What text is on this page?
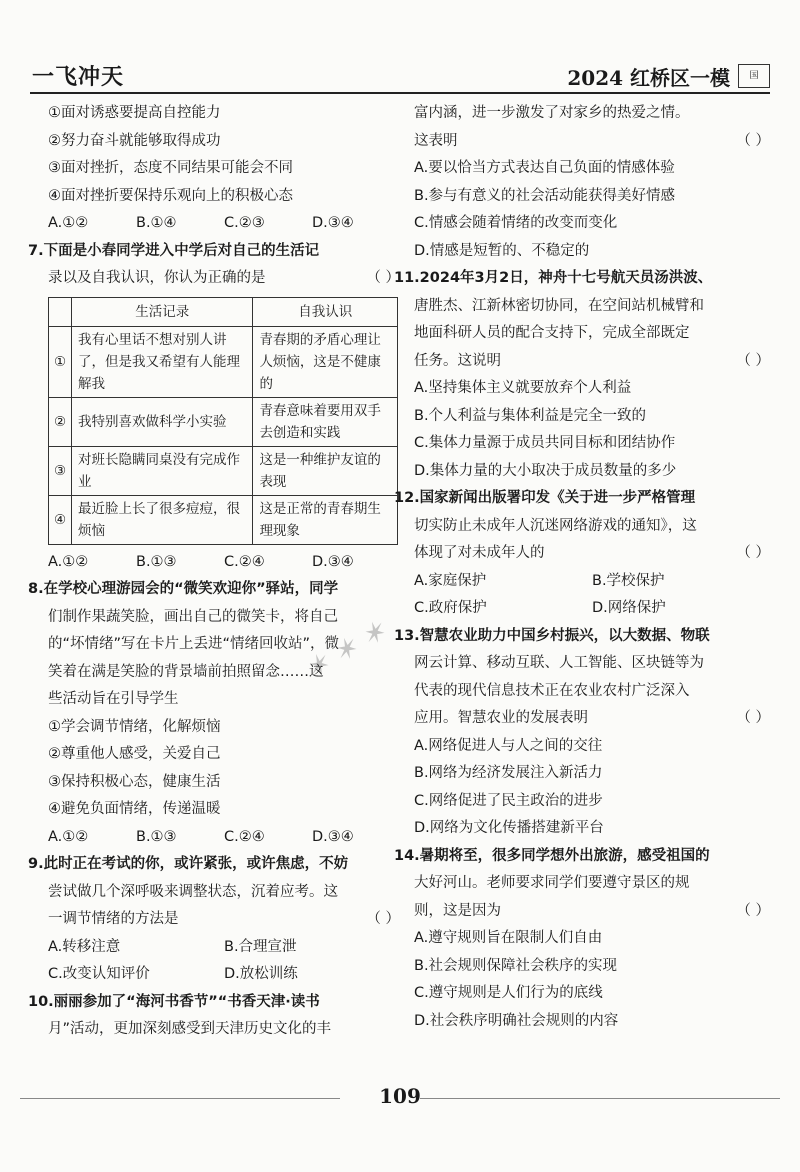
一飞冲天	2024 红桥区一模	国
✶ ✶ ✶
①面对诱惑要提高自控能力
②努力奋斗就能够取得成功
③面对挫折，态度不同结果可能会不同
④面对挫折要保持乐观向上的积极心态
A.①②	B.①④	C.②③	D.③④
7.下面是小春同学进入中学后对自己的生活记
录以及自我认识，你认为正确的是	（ ）
	生活记录	自我认识
①	我有心里话不想对别人讲了，但是我又希望有人能理解我	青春期的矛盾心理让人烦恼，这是不健康的
②	我特别喜欢做科学小实验	青春意味着要用双手去创造和实践
③	对班长隐瞒同桌没有完成作业	这是一种维护友谊的表现
④	最近脸上长了很多痘痘，很烦恼	这是正常的青春期生理现象
A.①②	B.①③	C.②④	D.③④
8.在学校心理游园会的“微笑欢迎你”驿站，同学
们制作果蔬笑脸，画出自己的微笑卡，将自己
的“坏情绪”写在卡片上丢进“情绪回收站”，微
笑着在满是笑脸的背景墙前拍照留念……这
些活动旨在引导学生
①学会调节情绪，化解烦恼
②尊重他人感受，关爱自己
③保持积极心态，健康生活
④避免负面情绪，传递温暖
A.①②	B.①③	C.②④	D.③④
9.此时正在考试的你，或许紧张，或许焦虑，不妨
尝试做几个深呼吸来调整状态，沉着应考。这
一调节情绪的方法是	（ ）
A.转移注意	B.合理宣泄
C.改变认知评价	D.放松训练
10.丽丽参加了“海河书香节”“书香天津·读书
月”活动，更加深刻感受到天津历史文化的丰
富内涵，进一步激发了对家乡的热爱之情。
这表明	（ ）
A.要以恰当方式表达自己负面的情感体验
B.参与有意义的社会活动能获得美好情感
C.情感会随着情绪的改变而变化
D.情感是短暂的、不稳定的
11.2024年3月2日，神舟十七号航天员汤洪波、
唐胜杰、江新林密切协同，在空间站机械臂和
地面科研人员的配合支持下，完成全部既定
任务。这说明	（ ）
A.坚持集体主义就要放弃个人利益
B.个人利益与集体利益是完全一致的
C.集体力量源于成员共同目标和团结协作
D.集体力量的大小取决于成员数量的多少
12.国家新闻出版署印发《关于进一步严格管理
切实防止未成年人沉迷网络游戏的通知》，这
体现了对未成年人的	（ ）
A.家庭保护	B.学校保护
C.政府保护	D.网络保护
13.智慧农业助力中国乡村振兴，以大数据、物联
网云计算、移动互联、人工智能、区块链等为
代表的现代信息技术正在农业农村广泛深入
应用。智慧农业的发展表明	（ ）
A.网络促进人与人之间的交往
B.网络为经济发展注入新活力
C.网络促进了民主政治的进步
D.网络为文化传播搭建新平台
14.暑期将至，很多同学想外出旅游，感受祖国的
大好河山。老师要求同学们要遵守景区的规
则，这是因为	（ ）
A.遵守规则旨在限制人们自由
B.社会规则保障社会秩序的实现
C.遵守规则是人们行为的底线
D.社会秩序明确社会规则的内容
109
